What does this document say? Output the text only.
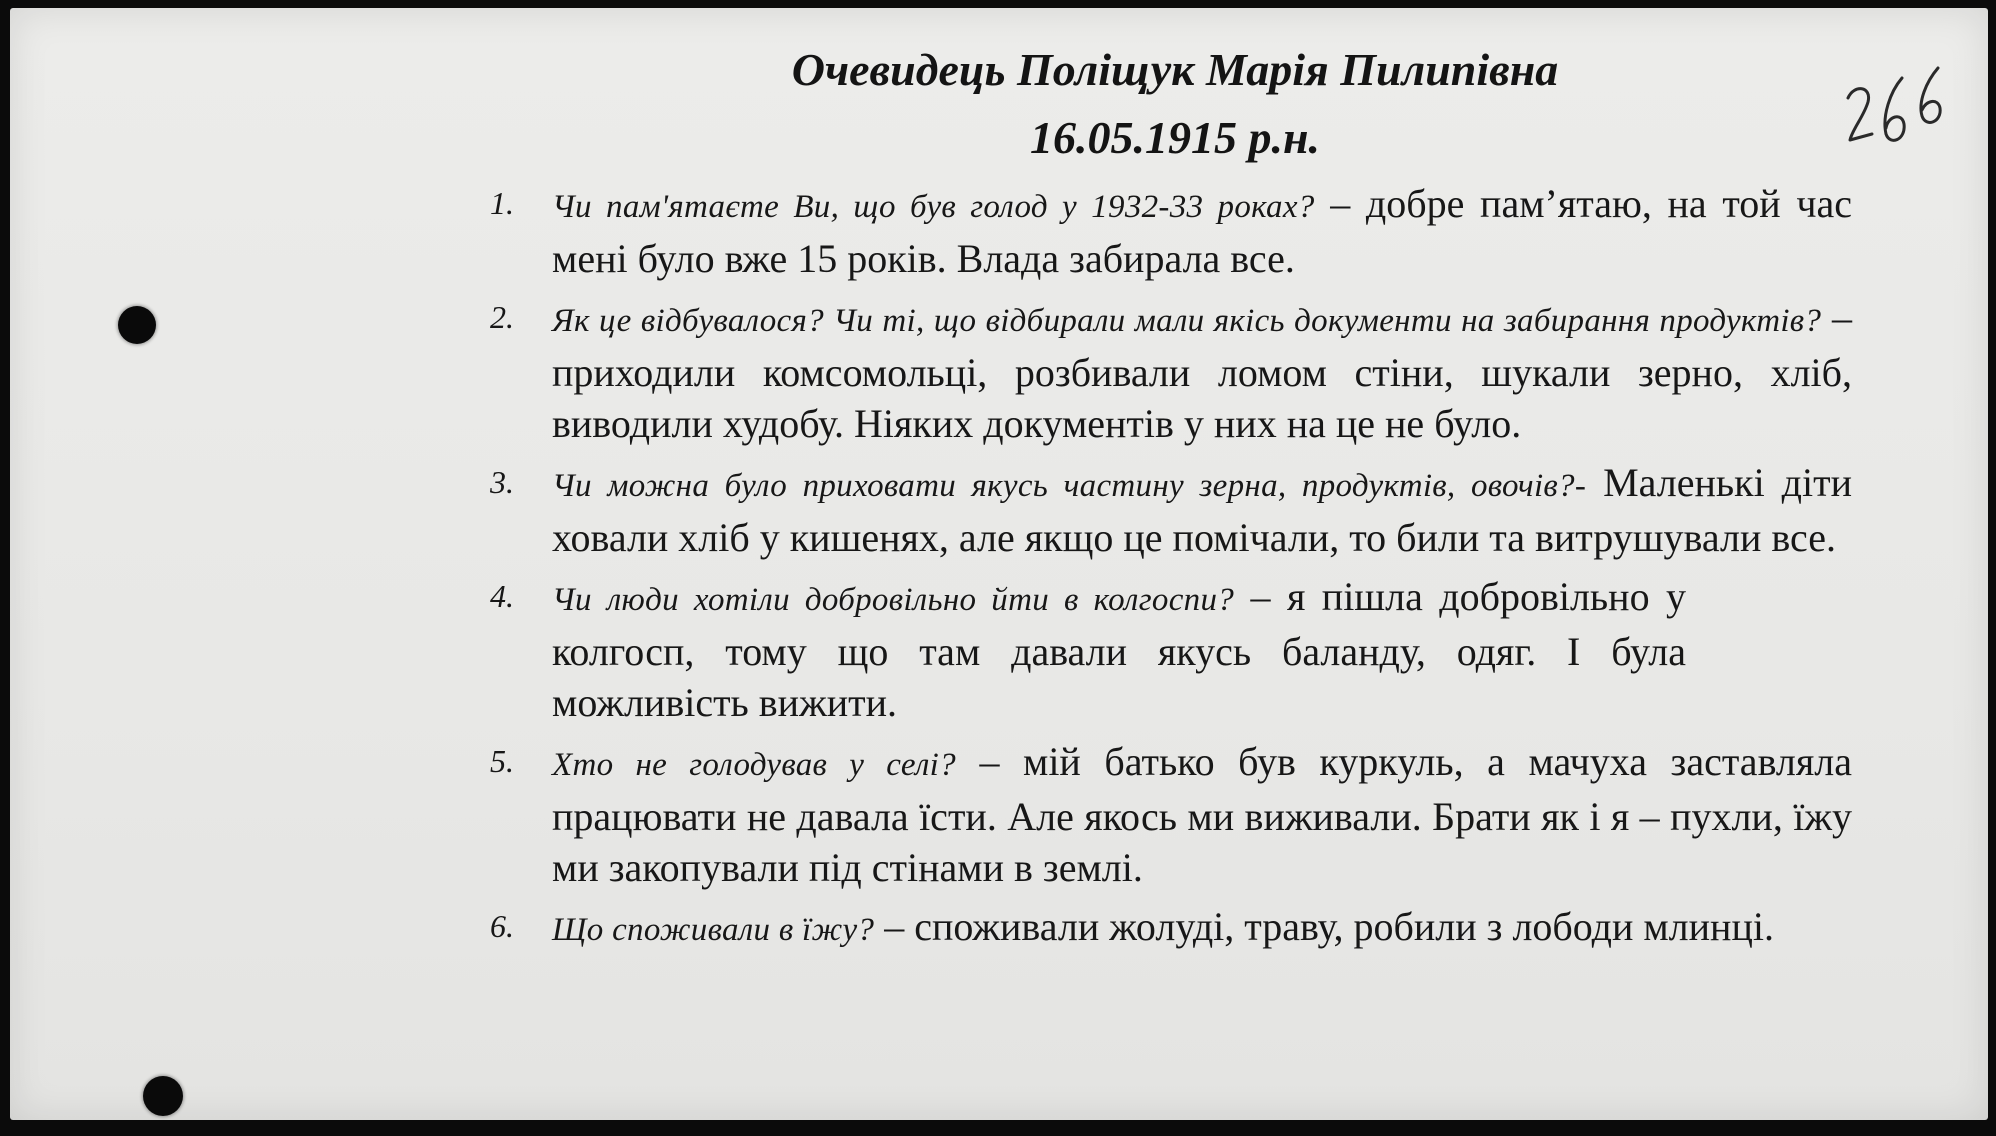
Очевидець Поліщук Марія Пилипівна
16.05.1915 р.н.
1. Чи пам'ятаєте Ви, що був голод у 1932-33 роках? – добре пам’ятаю, на той час мені було вже 15 років. Влада забирала все.
2. Як це відбувалося? Чи ті, що відбирали мали якісь документи на забирання продуктів? – приходили комсомольці, розбивали ломом стіни, шукали зерно, хліб, виводили худобу. Ніяких документів у них на це не було.
3. Чи можна було приховати якусь частину зерна, продуктів, овочів?- Маленькі діти ховали хліб у кишенях, але якщо це помічали, то били та витрушували все.
4. Чи люди хотіли добровільно йти в колгоспи? – я пішла добровільно у колгосп, тому що там давали якусь баланду, одяг. І була можливість вижити.
5. Хто не голодував у селі? – мій батько був куркуль, а мачуха заставляла працювати не давала їсти. Але якось ми виживали. Брати як і я – пухли, їжу ми закопували під стінами в землі.
6. Що споживали в їжу? – споживали жолуді, траву, робили з лободи млинці.
